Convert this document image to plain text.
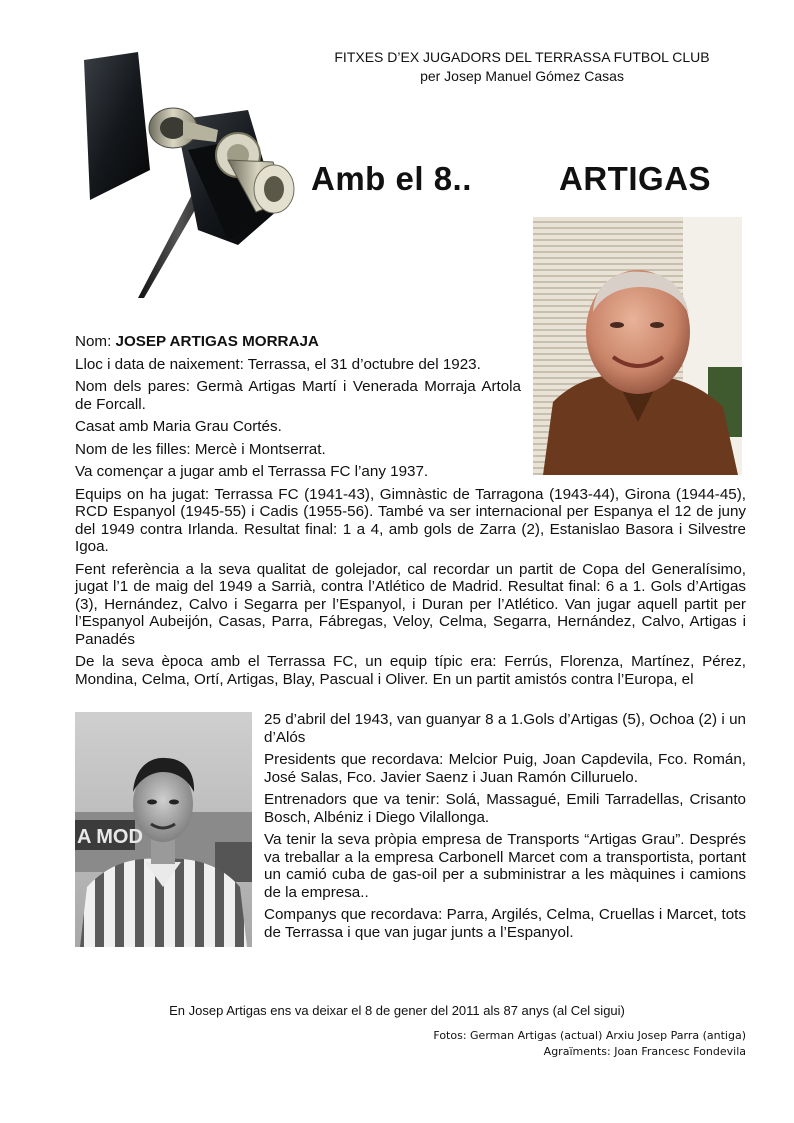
FITXES D’EX JUGADORS DEL TERRASSA FUTBOL CLUB
per Josep Manuel Gómez Casas
Amb el 8..	ARTIGAS

Nom: JOSEP ARTIGAS MORRAJA

Lloc i data de naixement: Terrassa, el 31 d’octubre del 1923.

Nom dels pares: Germà Artigas Martí i Venerada Morraja Artola de Forcall.

Casat amb Maria Grau Cortés.

Nom de les filles: Mercè i Montserrat.

Va començar a jugar amb el Terrassa FC l’any 1937.

Equips on ha jugat: Terrassa FC (1941-43), Gimnàstic de Tarragona (1943-44), Girona (1944-45), RCD Espanyol (1945-55) i Cadis (1955-56). També va ser internacional per Espanya el 12 de juny del 1949 contra Irlanda. Resultat final: 1 a 4, amb gols de Zarra (2), Estanislao Basora i Silvestre Igoa.

Fent referència a la seva qualitat de golejador, cal recordar un partit de Copa del Generalísimo, jugat l’1 de maig del 1949 a Sarrià, contra l’Atlético de Madrid. Resultat final: 6 a 1. Gols d’Artigas (3), Hernández, Calvo i Segarra per l’Espanyol, i Duran per l’Atlético. Van jugar aquell partit per l’Espanyol Aubeijón, Casas, Parra, Fábregas, Veloy, Celma, Segarra, Hernández, Calvo, Artigas i Panadés

De la seva època amb el Terrassa FC, un equip típic era: Ferrús, Florenza, Martínez, Pérez, Mondina, Celma, Ortí, Artigas, Blay, Pascual i Oliver. En un partit amistós contra l’Europa, el

A MOD

25 d’abril del 1943, van guanyar 8 a 1.Gols d’Artigas (5), Ochoa (2) i un d’Alós

Presidents que recordava: Melcior Puig, Joan Capdevila, Fco. Román, José Salas, Fco. Javier Saenz i Juan Ramón Cilluruelo.

Entrenadors que va tenir: Solá, Massagué, Emili Tarradellas, Crisanto Bosch, Albéniz i Diego Vilallonga.

Va tenir la seva pròpia empresa de Transports “Artigas Grau”. Després va treballar a la empresa Carbonell Marcet com a transportista, portant un camió cuba de gas-oil per a subministrar a les màquines i camions de la empresa..

Companys que recordava: Parra, Argilés, Celma, Cruellas i Marcet, tots de Terrassa i que van jugar junts a l’Espanyol.

En Josep Artigas ens va deixar el 8 de gener del 2011 als 87 anys (al Cel sigui)
Fotos: German Artigas (actual) Arxiu Josep Parra (antiga)
Agraïments: Joan Francesc Fondevila
